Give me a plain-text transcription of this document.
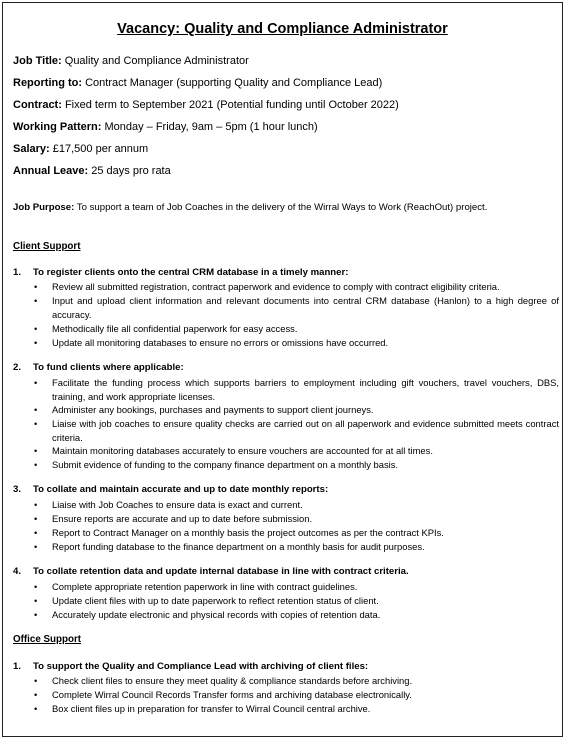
Vacancy: Quality and Compliance Administrator
Job Title: Quality and Compliance Administrator
Reporting to: Contract Manager (supporting Quality and Compliance Lead)
Contract: Fixed term to September 2021 (Potential funding until October 2022)
Working Pattern: Monday – Friday, 9am – 5pm (1 hour lunch)
Salary: £17,500 per annum
Annual Leave: 25 days pro rata
Job Purpose: To support a team of Job Coaches in the delivery of the Wirral Ways to Work (ReachOut) project.
Client Support
1. To register clients onto the central CRM database in a timely manner:
•	Review all submitted registration, contract paperwork and evidence to comply with contract eligibility criteria.
•	Input and upload client information and relevant documents into central CRM database (Hanlon) to a high degree of accuracy.
•	Methodically file all confidential paperwork for easy access.
•	Update all monitoring databases to ensure no errors or omissions have occurred.
2. To fund clients where applicable:
•	Facilitate the funding process which supports barriers to employment including gift vouchers, travel vouchers, DBS, training, and work appropriate licenses.
•	Administer any bookings, purchases and payments to support client journeys.
•	Liaise with job coaches to ensure quality checks are carried out on all paperwork and evidence submitted meets contract criteria.
•	Maintain monitoring databases accurately to ensure vouchers are accounted for at all times.
•	Submit evidence of funding to the company finance department on a monthly basis.
3. To collate and maintain accurate and up to date monthly reports:
•	Liaise with Job Coaches to ensure data is exact and current.
•	Ensure reports are accurate and up to date before submission.
•	Report to Contract Manager on a monthly basis the project outcomes as per the contract KPIs.
•	Report funding database to the finance department on a monthly basis for audit purposes.
4. To collate retention data and update internal database in line with contract criteria.
•	Complete appropriate retention paperwork in line with contract guidelines.
•	Update client files with up to date paperwork to reflect retention status of client.
•	Accurately update electronic and physical records with copies of retention data.
Office Support
1. To support the Quality and Compliance Lead with archiving of client files:
•	Check client files to ensure they meet quality & compliance standards before archiving.
•	Complete Wirral Council Records Transfer forms and archiving database electronically.
•	Box client files up in preparation for transfer to Wirral Council central archive.
